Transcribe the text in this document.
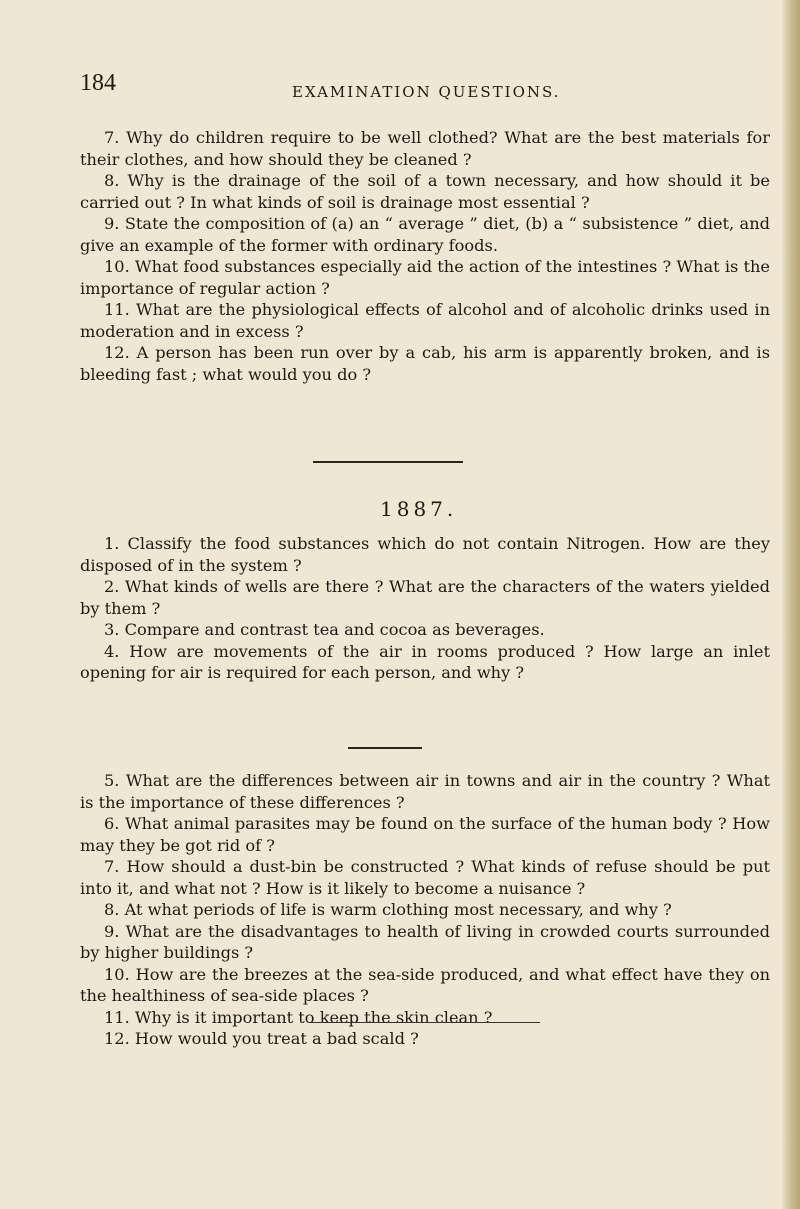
184	EXAMINATION QUESTIONS.

7. Why do children require to be well clothed? What are the best materials for their clothes, and how should they be cleaned ?

8. Why is the drainage of the soil of a town necessary, and how should it be carried out ? In what kinds of soil is drainage most essential ?

9. State the composition of (a) an “ average ” diet, (b) a “ subsistence ” diet, and give an example of the former with ordinary foods.

10. What food substances especially aid the action of the intestines ? What is the importance of regular action ?

11. What are the physiological effects of alcohol and of alcoholic drinks used in moderation and in excess ?

12. A person has been run over by a cab, his arm is apparently broken, and is bleeding fast ; what would you do ?

1887.

1. Classify the food substances which do not contain Nitrogen. How are they disposed of in the system ?

2. What kinds of wells are there ? What are the characters of the waters yielded by them ?

3. Compare and contrast tea and cocoa as beverages.

4. How are movements of the air in rooms produced ? How large an inlet opening for air is required for each person, and why ?

5. What are the differences between air in towns and air in the country ? What is the importance of these differences ?

6. What animal parasites may be found on the surface of the human body ? How may they be got rid of ?

7. How should a dust-bin be constructed ? What kinds of refuse should be put into it, and what not ? How is it likely to become a nuisance ?

8. At what periods of life is warm clothing most necessary, and why ?

9. What are the disadvantages to health of living in crowded courts surrounded by higher buildings ?

10. How are the breezes at the sea-side produced, and what effect have they on the healthiness of sea-side places ?

11. Why is it important to keep the skin clean ?

12. How would you treat a bad scald ?
